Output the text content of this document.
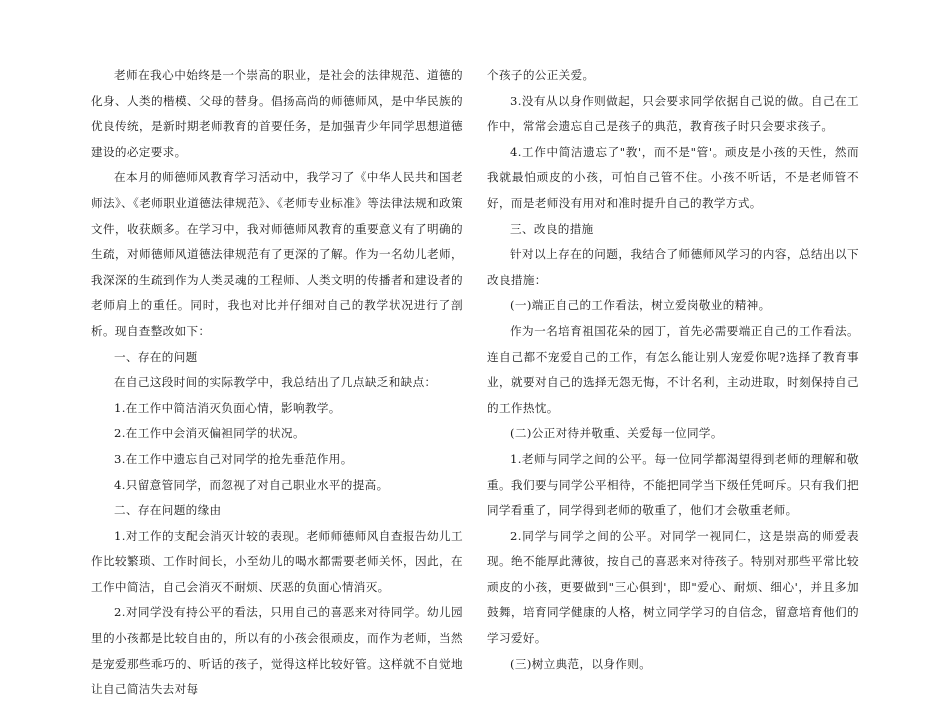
老师在我心中始终是一个崇高的职业，是社会的法律规范、道德的化身、人类的楷模、父母的替身。倡扬高尚的师德师风，是中华民族的优良传统，是新时期老师教育的首要任务，是加强青少年同学思想道德建设的必定要求。

在本月的师德师风教育学习活动中，我学习了《中华人民共和国老师法》、《老师职业道德法律规范》、《老师专业标准》等法律法规和政策文件，收获颇多。在学习中，我对师德师风教育的重要意义有了明确的生疏，对师德师风道德法律规范有了更深的了解。作为一名幼儿老师，我深深的生疏到作为人类灵魂的工程师、人类文明的传播者和建设者的老师肩上的重任。同时，我也对比并仔细对自己的教学状况进行了剖析。现自查整改如下：

一、存在的问题

在自己这段时间的实际教学中，我总结出了几点缺乏和缺点：

1.在工作中简洁消灭负面心情，影响教学。

2.在工作中会消灭偏袒同学的状况。

3.在工作中遗忘自己对同学的抢先垂范作用。

4.只留意管同学，而忽视了对自己职业水平的提高。

二、存在问题的缘由

1.对工作的支配会消灭计较的表现。老师师德师风自查报告幼儿工作比较繁琐、工作时间长，小至幼儿的喝水都需要老师关怀，因此，在工作中简洁，自己会消灭不耐烦、厌恶的负面心情消灭。

2.对同学没有持公平的看法，只用自己的喜恶来对待同学。幼儿园里的小孩都是比较自由的，所以有的小孩会很顽皮，而作为老师，当然是宠爱那些乖巧的、听话的孩子，觉得这样比较好管。这样就不自觉地让自己简洁失去对每

个孩子的公正关爱。

3.没有从以身作则做起，只会要求同学依据自己说的做。自己在工作中，常常会遗忘自己是孩子的典范，教育孩子时只会要求孩子。

4.工作中简洁遗忘了"教'，而不是"管'。顽皮是小孩的天性，然而我就最怕顽皮的小孩，可怕自己管不住。小孩不听话，不是老师管不好，而是老师没有用对和准时提升自己的教学方式。

三、改良的措施

针对以上存在的问题，我结合了师德师风学习的内容，总结出以下改良措施：

(一)端正自己的工作看法，树立爱岗敬业的精神。

作为一名培育祖国花朵的园丁，首先必需要端正自己的工作看法。连自己都不宠爱自己的工作，有怎么能让别人宠爱你呢?选择了教育事业，就要对自己的选择无怨无悔，不计名利，主动进取，时刻保持自己的工作热忱。

(二)公正对待并敬重、关爱每一位同学。

1.老师与同学之间的公平。每一位同学都渴望得到老师的理解和敬重。我们要与同学公平相待，不能把同学当下级任凭呵斥。只有我们把同学看重了，同学得到老师的敬重了，他们才会敬重老师。

2.同学与同学之间的公平。对同学一视同仁，这是崇高的师爱表现。绝不能厚此薄彼，按自己的喜恶来对待孩子。特别对那些平常比较顽皮的小孩，更要做到"三心俱到'，即"爱心、耐烦、细心'，并且多加鼓舞，培育同学健康的人格，树立同学学习的自信念，留意培育他们的学习爱好。

(三)树立典范，以身作则。
